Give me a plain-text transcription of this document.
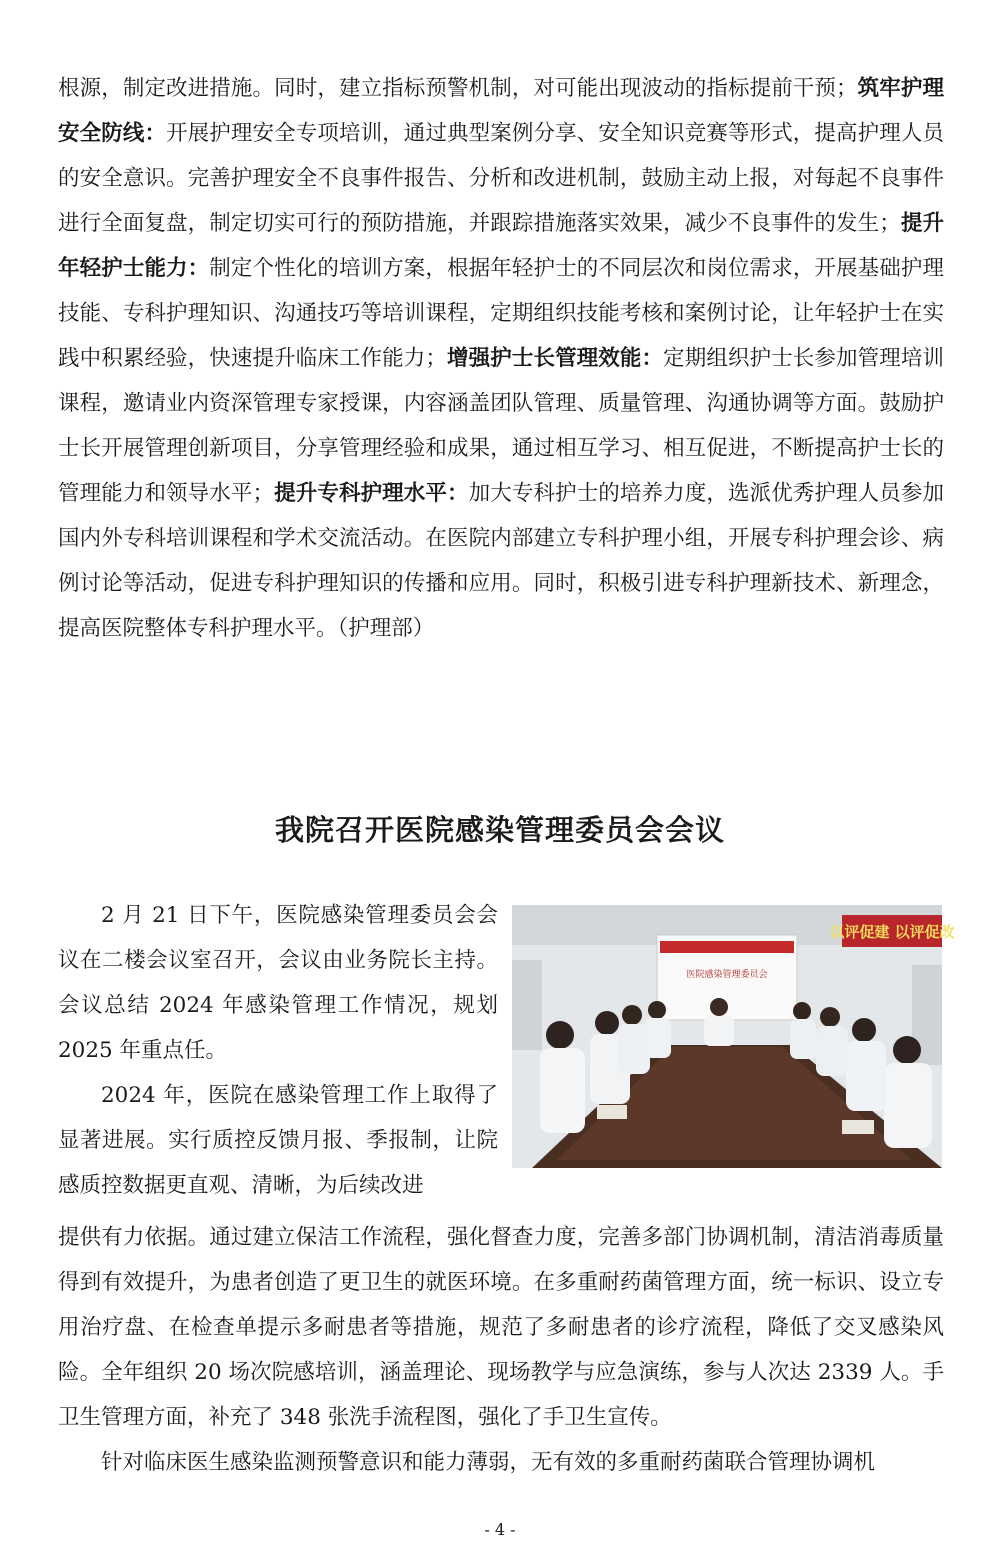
根源，制定改进措施。同时，建立指标预警机制，对可能出现波动的指标提前干预；筑牢护理安全防线：开展护理安全专项培训，通过典型案例分享、安全知识竞赛等形式，提高护理人员的安全意识。完善护理安全不良事件报告、分析和改进机制，鼓励主动上报，对每起不良事件进行全面复盘，制定切实可行的预防措施，并跟踪措施落实效果，减少不良事件的发生；提升年轻护士能力：制定个性化的培训方案，根据年轻护士的不同层次和岗位需求，开展基础护理技能、专科护理知识、沟通技巧等培训课程，定期组织技能考核和案例讨论，让年轻护士在实践中积累经验，快速提升临床工作能力；增强护士长管理效能：定期组织护士长参加管理培训课程，邀请业内资深管理专家授课，内容涵盖团队管理、质量管理、沟通协调等方面。鼓励护士长开展管理创新项目，分享管理经验和成果，通过相互学习、相互促进，不断提高护士长的管理能力和领导水平；提升专科护理水平：加大专科护士的培养力度，选派优秀护理人员参加国内外专科培训课程和学术交流活动。在医院内部建立专科护理小组，开展专科护理会诊、病例讨论等活动，促进专科护理知识的传播和应用。同时，积极引进专科护理新技术、新理念，提高医院整体专科护理水平。（护理部）
我院召开医院感染管理委员会会议

2 月 21 日下午，医院感染管理委员会会议在二楼会议室召开，会议由业务院长主持。会议总结 2024 年感染管理工作情况，规划 2025 年重点任。

2024 年，医院在感染管理工作上取得了显著进展。实行质控反馈月报、季报制，让院感质控数据更直观、清晰，为后续改进

以评促建 以评促改
医院感染管理委员会

提供有力依据。通过建立保洁工作流程，强化督查力度，完善多部门协调机制，清洁消毒质量得到有效提升，为患者创造了更卫生的就医环境。在多重耐药菌管理方面，统一标识、设立专用治疗盘、在检查单提示多耐患者等措施，规范了多耐患者的诊疗流程，降低了交叉感染风险。全年组织 20 场次院感培训，涵盖理论、现场教学与应急演练，参与人次达 2339 人。手卫生管理方面，补充了 348 张洗手流程图，强化了手卫生宣传。

针对临床医生感染监测预警意识和能力薄弱，无有效的多重耐药菌联合管理协调机

- 4 -
